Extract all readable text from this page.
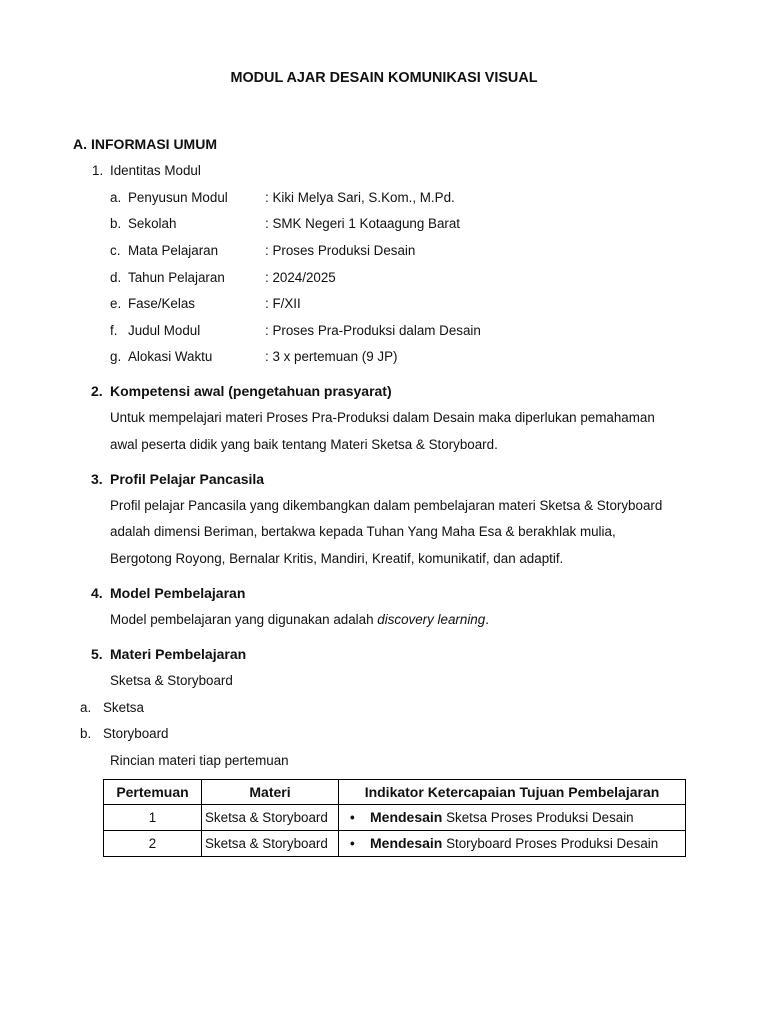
MODUL AJAR DESAIN KOMUNIKASI VISUAL
A. INFORMASI UMUM
1. Identitas Modul
a. Penyusun Modul	: Kiki Melya Sari, S.Kom., M.Pd.
b. Sekolah	: SMK Negeri 1 Kotaagung Barat
c. Mata Pelajaran	: Proses Produksi Desain
d. Tahun Pelajaran	: 2024/2025
e. Fase/Kelas	: F/XII
f. Judul Modul	: Proses Pra-Produksi dalam Desain
g. Alokasi Waktu	: 3 x pertemuan (9 JP)
2. Kompetensi awal (pengetahuan prasyarat)
Untuk mempelajari materi Proses Pra-Produksi dalam Desain maka diperlukan pemahaman
awal peserta didik yang baik tentang Materi Sketsa & Storyboard.
3. Profil Pelajar Pancasila
Profil pelajar Pancasila yang dikembangkan dalam pembelajaran materi Sketsa & Storyboard
adalah dimensi Beriman, bertakwa kepada Tuhan Yang Maha Esa & berakhlak mulia,
Bergotong Royong, Bernalar Kritis, Mandiri, Kreatif, komunikatif, dan adaptif.
4. Model Pembelajaran
Model pembelajaran yang digunakan adalah discovery learning.
5. Materi Pembelajaran
Sketsa & Storyboard
a. Sketsa
b. Storyboard
Rincian materi tiap pertemuan
Pertemuan	Materi	Indikator Ketercapaian Tujuan Pembelajaran
1	Sketsa & Storyboard	• Mendesain Sketsa Proses Produksi Desain
2	Sketsa & Storyboard	• Mendesain Storyboard Proses Produksi Desain
